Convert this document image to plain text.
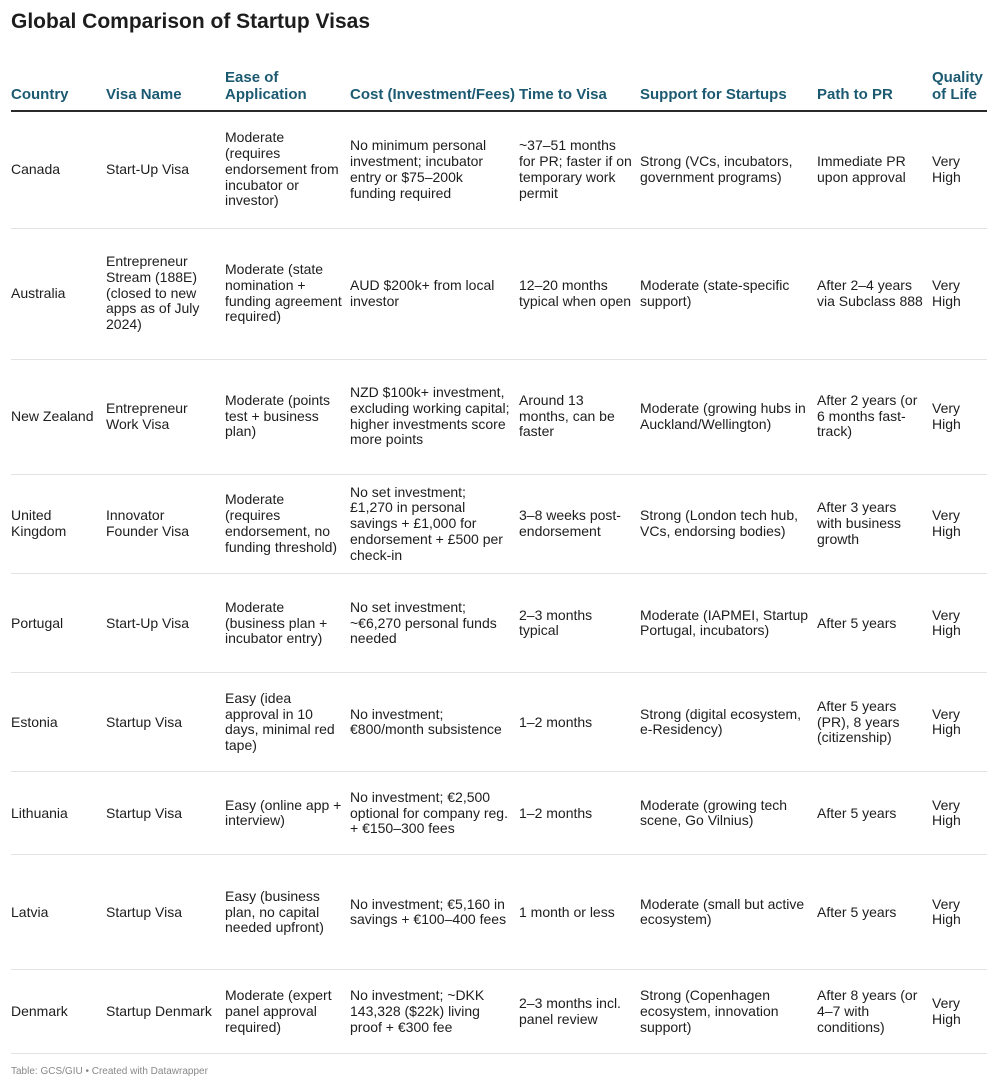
Global Comparison of Startup Visas
Country	Visa Name	Ease of Application	Cost (Investment/Fees)	Time to Visa	Support for Startups	Path to PR	Quality of Life
Canada	Start-Up Visa	Moderate (requires endorsement from incubator or investor)	No minimum personal investment; incubator entry or $75–200k funding required	~37–51 months for PR; faster if on temporary work permit	Strong (VCs, incubators, government programs)	Immediate PR upon approval	Very High
Australia	Entrepreneur Stream (188E) (closed to new apps as of July 2024)	Moderate (state nomination + funding agreement required)	AUD $200k+ from local investor	12–20 months typical when open	Moderate (state-specific support)	After 2–4 years via Subclass 888	Very High
New Zealand	Entrepreneur Work Visa	Moderate (points test + business plan)	NZD $100k+ investment, excluding working capital; higher investments score more points	Around 13 months, can be faster	Moderate (growing hubs in Auckland/Wellington)	After 2 years (or 6 months fast-track)	Very High
United Kingdom	Innovator Founder Visa	Moderate (requires endorsement, no funding threshold)	No set investment; £1,270 in personal savings + £1,000 for endorsement + £500 per check-in	3–8 weeks post-endorsement	Strong (London tech hub, VCs, endorsing bodies)	After 3 years with business growth	Very High
Portugal	Start-Up Visa	Moderate (business plan + incubator entry)	No set investment; ~€6,270 personal funds needed	2–3 months typical	Moderate (IAPMEI, Startup Portugal, incubators)	After 5 years	Very High
Estonia	Startup Visa	Easy (idea approval in 10 days, minimal red tape)	No investment; €800/month subsistence	1–2 months	Strong (digital ecosystem, e-Residency)	After 5 years (PR), 8 years (citizenship)	Very High
Lithuania	Startup Visa	Easy (online app + interview)	No investment; €2,500 optional for company reg. + €150–300 fees	1–2 months	Moderate (growing tech scene, Go Vilnius)	After 5 years	Very High
Latvia	Startup Visa	Easy (business plan, no capital needed upfront)	No investment; €5,160 in savings + €100–400 fees	1 month or less	Moderate (small but active ecosystem)	After 5 years	Very High
Denmark	Startup Denmark	Moderate (expert panel approval required)	No investment; ~DKK 143,328 ($22k) living proof + €300 fee	2–3 months incl. panel review	Strong (Copenhagen ecosystem, innovation support)	After 8 years (or 4–7 with conditions)	Very High
Table: GCS/GIU • Created with Datawrapper
